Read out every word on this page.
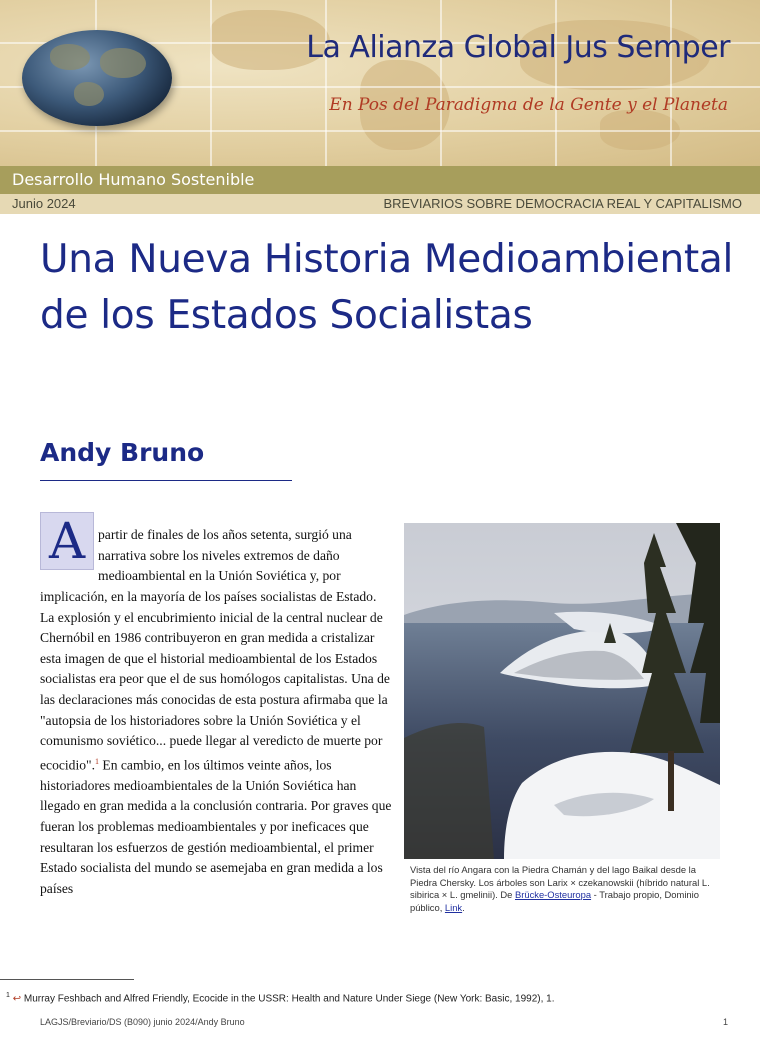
La Alianza Global Jus Semper
En Pos del Paradigma de la Gente y el Planeta
Desarrollo Humano Sostenible
Junio 2024	BREVIARIOS SOBRE DEMOCRACIA REAL Y CAPITALISMO
Una Nueva Historia Medioambiental de los Estados Socialistas
Andy Bruno
A partir de finales de los años setenta, surgió una narrativa sobre los niveles extremos de daño medioambiental en la Unión Soviética y, por
implicación, en la mayoría de los países socialistas de Estado. La explosión y el encubrimiento inicial de la central nuclear de Chernóbil en 1986 contribuyeron en gran medida a cristalizar esta imagen de que el historial medioambiental de los Estados socialistas era peor que el de sus homólogos capitalistas. Una de las declaraciones más conocidas de esta postura afirmaba que la "autopsia de los historiadores sobre la Unión Soviética y el comunismo soviético... puede llegar al veredicto de muerte por ecocidio".$^1$ En cambio, en los últimos veinte años, los historiadores medioambientales de la Unión Soviética han llegado en gran medida a la conclusión contraria. Por graves que fueran los problemas medioambientales y por ineficaces que resultaran los esfuerzos de gestión medioambiental, el primer Estado socialista del mundo se asemejaba en gran medida a los países
Vista del río Angara con la Piedra Chamán y del lago Baikal desde la Piedra Chersky. Los árboles son Larix × czekanowskii (híbrido natural L. sibirica × L. gmelinii). De Brücke-Osteuropa - Trabajo propio, Dominio público, Link.
$^1$ ↩ Murray Feshbach and Alfred Friendly, Ecocide in the USSR: Health and Nature Under Siege (New York: Basic, 1992), 1.
LAGJS/Breviario/DS (B090) junio 2024/Andy Bruno	1
